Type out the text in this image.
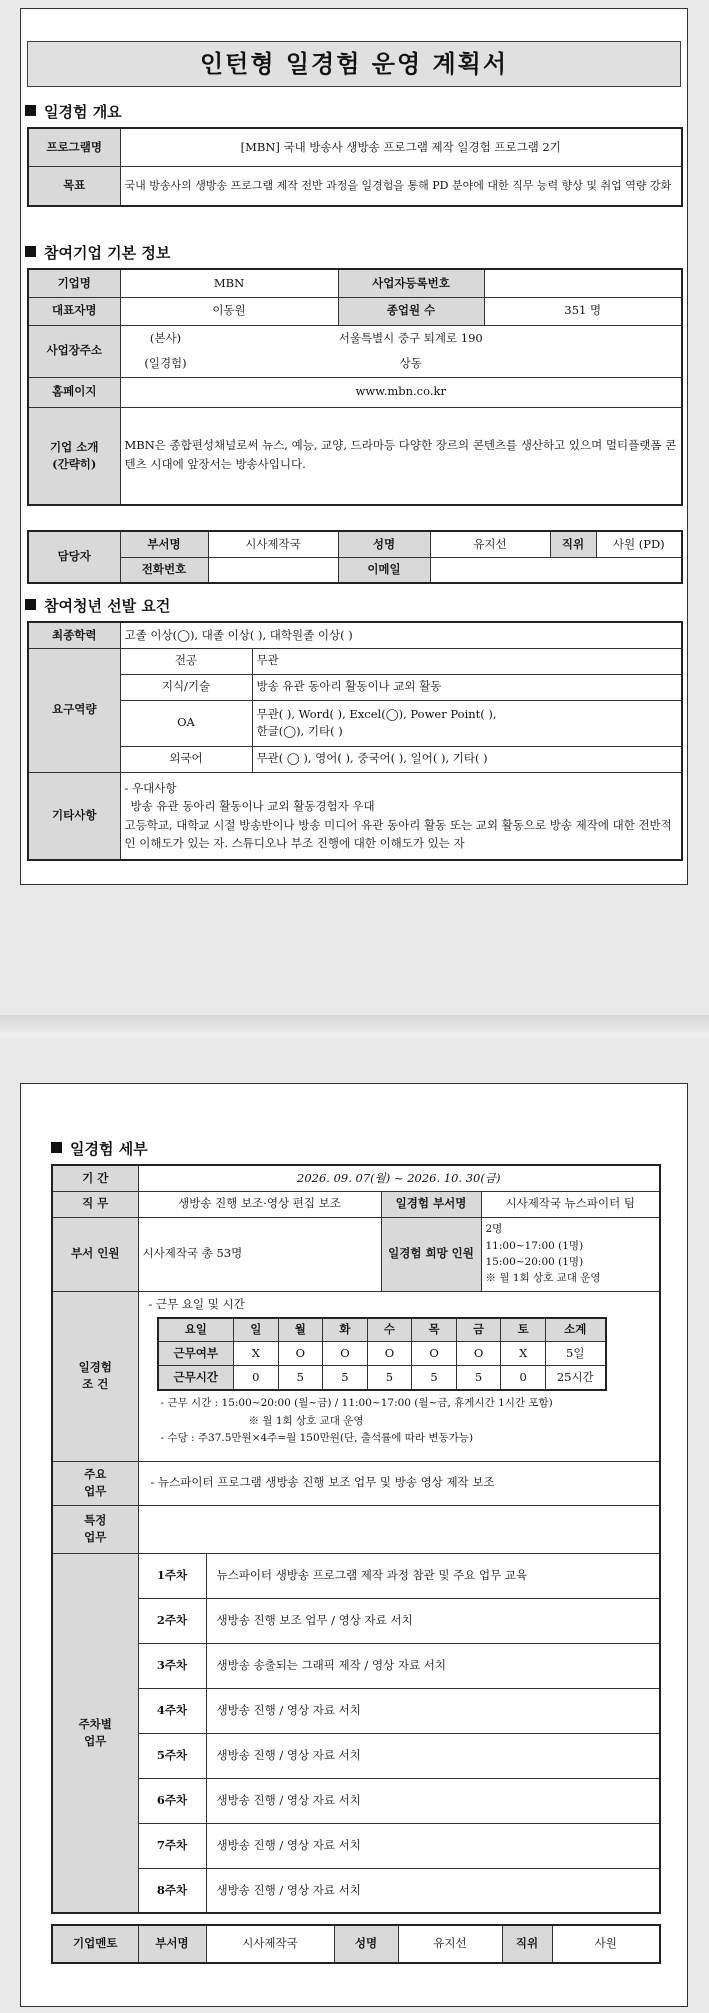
인턴형 일경험 운영 계획서
일경험 개요
프로그램명	[MBN] 국내 방송사 생방송 프로그램 제작 일경험 프로그램 2기
목표	국내 방송사의 생방송 프로그램 제작 전반 과정을 일경험을 통해 PD 분야에 대한 직무 능력 향상 및 취업 역량 강화
참여기업 기본 정보
기업명	MBN	사업자등록번호	
대표자명	이동원	종업원 수	351 명
사업장주소	(본사) 서울특별시 중구 퇴계로 190
(일경험) 상동		

홈페이지	www.mbn.co.kr		
기업 소개
(간략히)	MBN은 종합편성채널로써 뉴스, 예능, 교양, 드라마등 다양한 장르의 콘텐츠를 생산하고 있으며 멀티플랫폼 콘텐츠 시대에 앞장서는 방송사입니다.		
담당자	부서명	시사제작국	성명	유지선	직위	사원 (PD)
	전화번호		이메일			
참여청년 선발 요건
최종학력	고졸 이상(◯), 대졸 이상( ), 대학원졸 이상( )	
요구역량	전공	무관
	지식/기술	방송 유관 동아리 활동이나 교외 활동
	OA	무관( ), Word( ), Excel(◯), Power Point( ),
한글(◯), 기타( )

	외국어	무관( ◯ ), 영어( ), 중국어( ), 일어( ), 기타( )
기타사항	- 우대사항
방송 유관 동아리 활동이나 교외 활동경험자 우대
고등학교, 대학교 시절 방송반이나 방송 미디어 유관 동아리 활동 또는 교외 활동으로 방송 제작에 대한 전반적인 이해도가 있는 자. 스튜디오나 부조 진행에 대한 이해도가 있는 자	
일경험 세부
기 간	2026. 09. 07(월) ~ 2026. 10. 30(금)
직 무	생방송 진행 보조·영상 편집 보조	일경험 부서명	시사제작국 뉴스파이터 팀
부서 인원	시사제작국 총 53명	일경험 희망 인원	
2명
11:00~17:00 (1명)
15:00~20:00 (1명)
※ 월 1회 상호 교대 운영

일경험
조 건	
- 근무 요일 및 시간
요일	일	월	화	수	목	금	토	소계
근무여부	X	O	O	O	O	O	X	5일
근무시간	0	5	5	5	5	5	0	25시간
- 근무 시간 : 15:00~20:00 (월~금) / 11:00~17:00 (월~금, 휴게시간 1시간 포함)
※ 월 1회 상호 교대 운영
- 수당 : 주37.5만원×4주=월 150만원(단, 출석률에 따라 변동가능)

주요
업무	- 뉴스파이터 프로그램 생방송 진행 보조 업무 및 방송 영상 제작 보조
특정
업무	
주차별
업무	1주차	뉴스파이터 생방송 프로그램 제작 과정 참관 및 주요 업무 교육
2주차	생방송 진행 보조 업무 / 영상 자료 서치
3주차	생방송 송출되는 그래픽 제작 / 영상 자료 서치
4주차	생방송 진행 / 영상 자료 서치
5주차	생방송 진행 / 영상 자료 서치
6주차	생방송 진행 / 영상 자료 서치
7주차	생방송 진행 / 영상 자료 서치
8주차	생방송 진행 / 영상 자료 서치
기업멘토	부서명	시사제작국	성명	유지선	직위	사원
